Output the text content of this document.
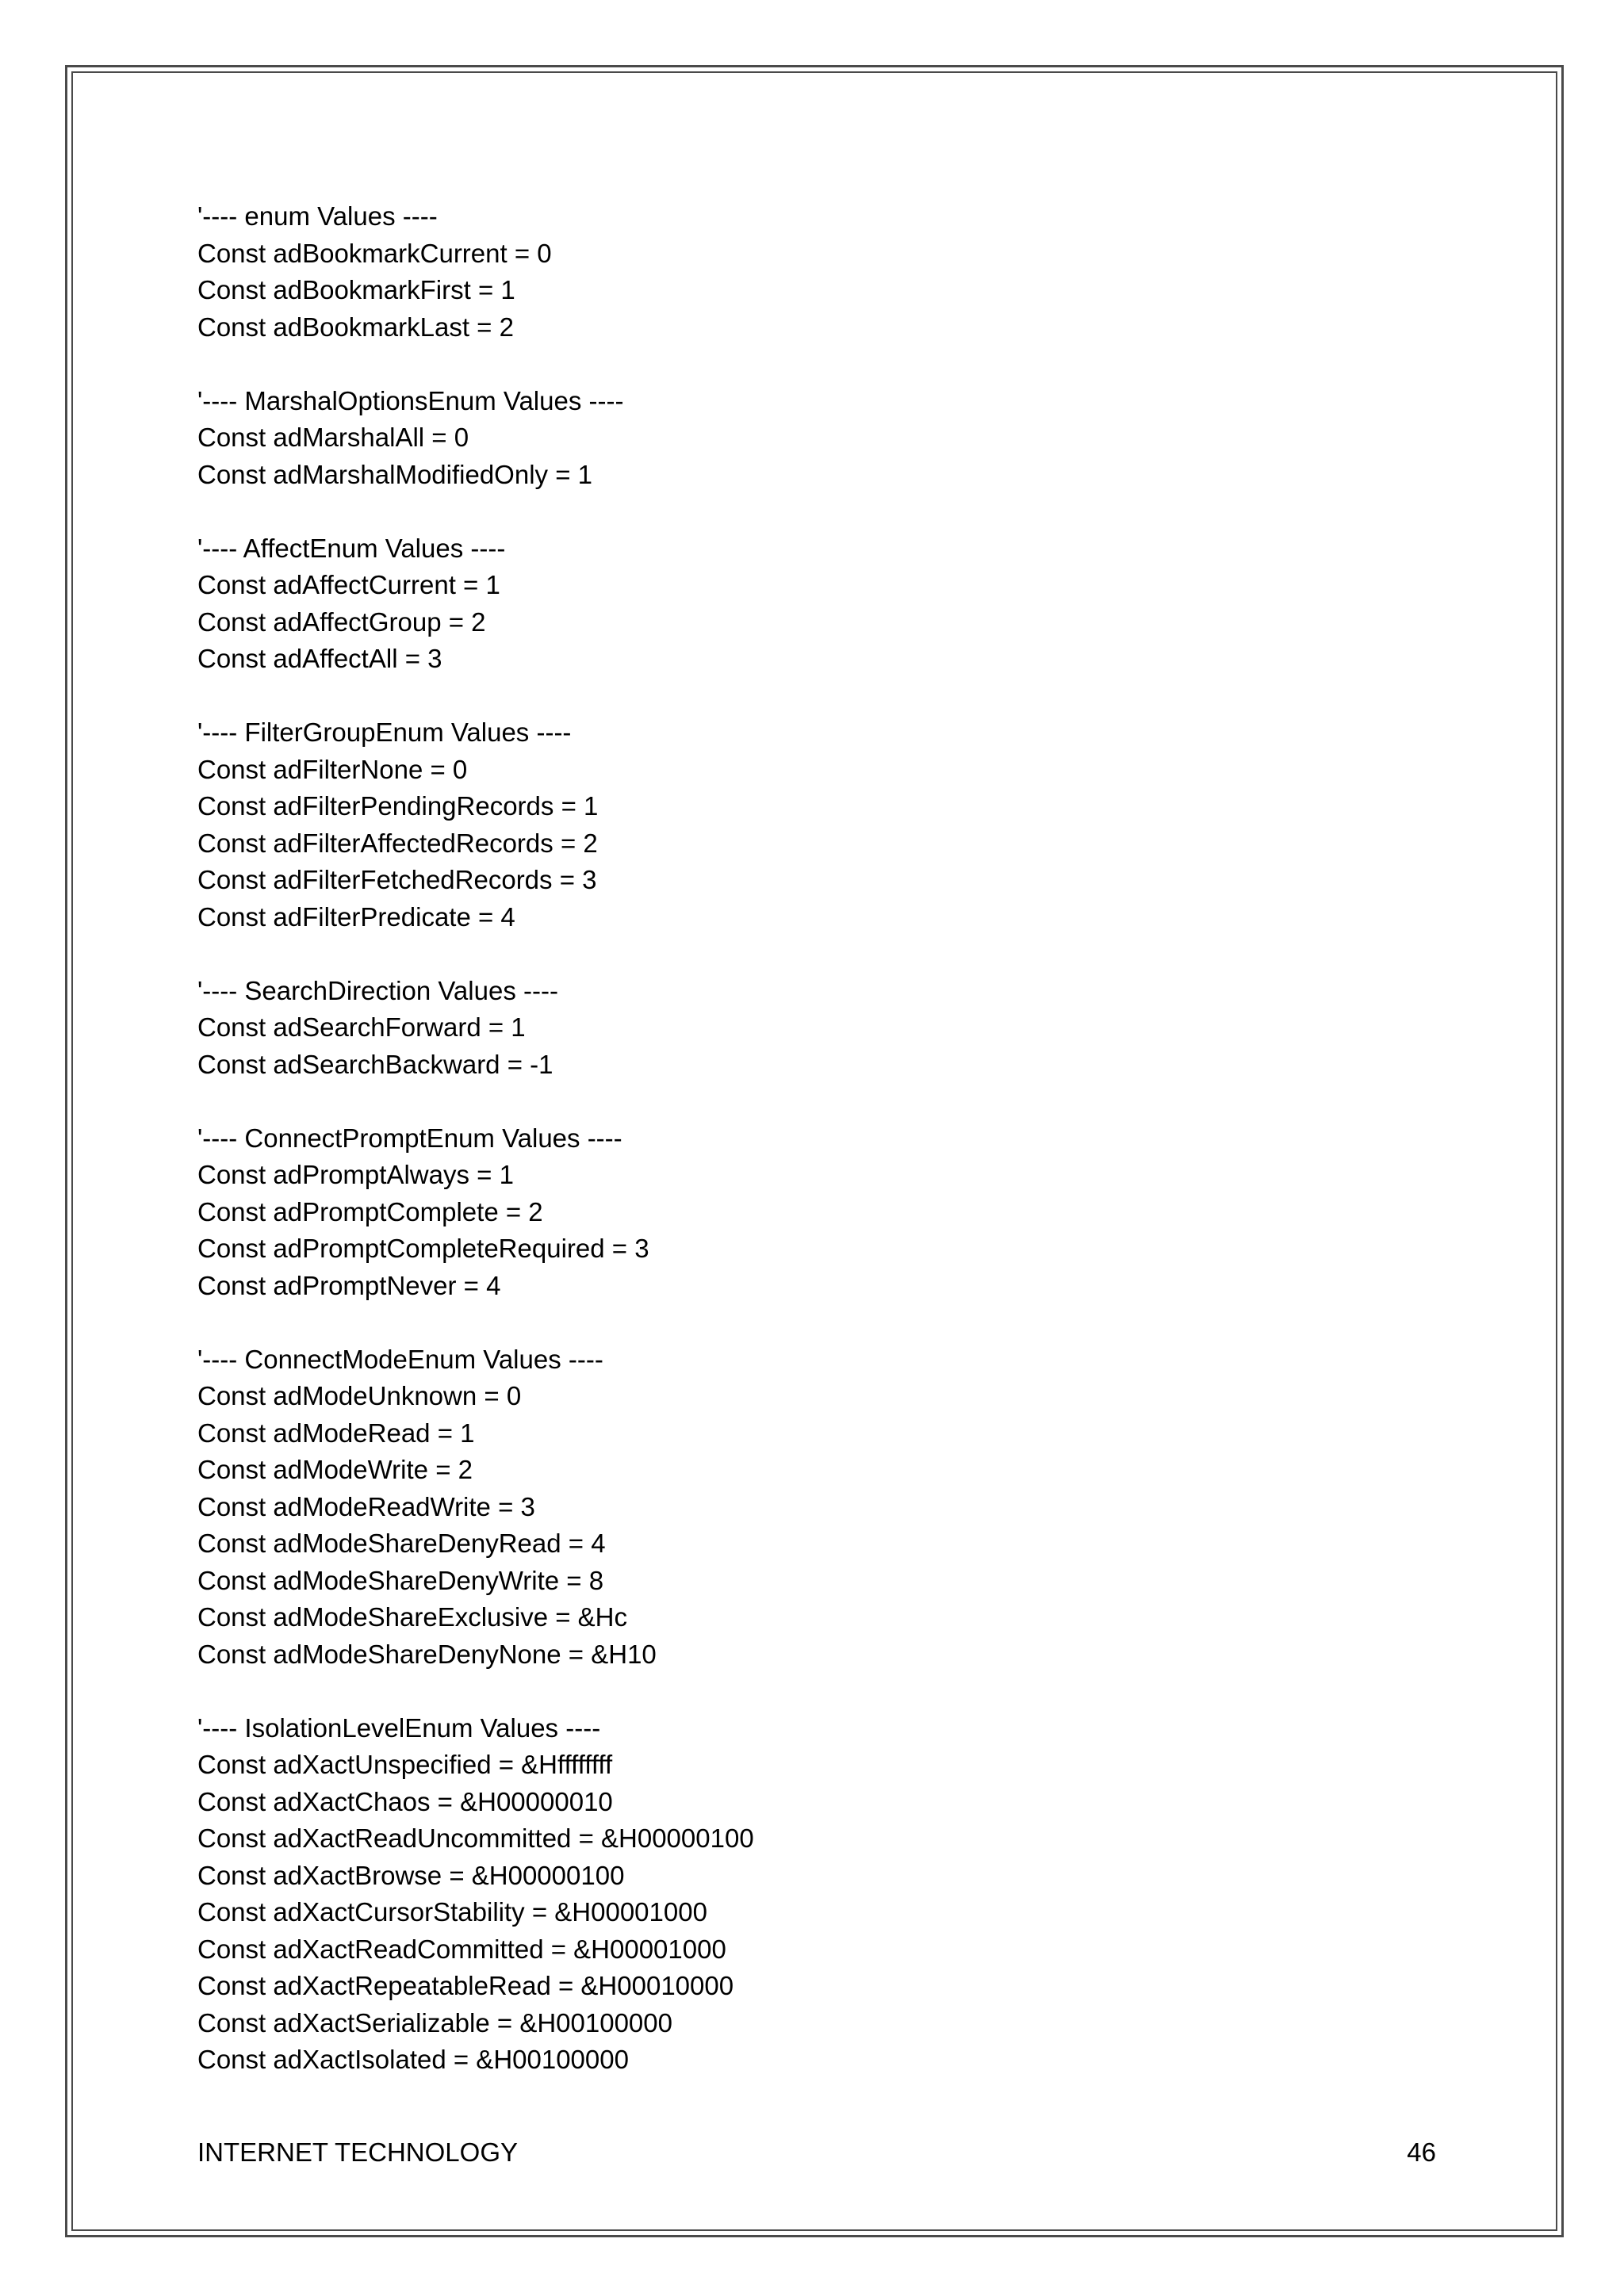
'---- enum Values ----

Const adBookmarkCurrent = 0

Const adBookmarkFirst = 1

Const adBookmarkLast = 2

'---- MarshalOptionsEnum Values ----

Const adMarshalAll = 0

Const adMarshalModifiedOnly = 1

'---- AffectEnum Values ----

Const adAffectCurrent = 1

Const adAffectGroup = 2

Const adAffectAll = 3

'---- FilterGroupEnum Values ----

Const adFilterNone = 0

Const adFilterPendingRecords = 1

Const adFilterAffectedRecords = 2

Const adFilterFetchedRecords = 3

Const adFilterPredicate = 4

'---- SearchDirection Values ----

Const adSearchForward = 1

Const adSearchBackward = -1

'---- ConnectPromptEnum Values ----

Const adPromptAlways = 1

Const adPromptComplete = 2

Const adPromptCompleteRequired = 3

Const adPromptNever = 4

'---- ConnectModeEnum Values ----

Const adModeUnknown = 0

Const adModeRead = 1

Const adModeWrite = 2

Const adModeReadWrite = 3

Const adModeShareDenyRead = 4

Const adModeShareDenyWrite = 8

Const adModeShareExclusive = &Hc

Const adModeShareDenyNone = &H10

'---- IsolationLevelEnum Values ----

Const adXactUnspecified = &Hffffffff

Const adXactChaos = &H00000010

Const adXactReadUncommitted = &H00000100

Const adXactBrowse = &H00000100

Const adXactCursorStability = &H00001000

Const adXactReadCommitted = &H00001000

Const adXactRepeatableRead = &H00010000

Const adXactSerializable = &H00100000

Const adXactIsolated = &H00100000

INTERNET TECHNOLOGY	46
